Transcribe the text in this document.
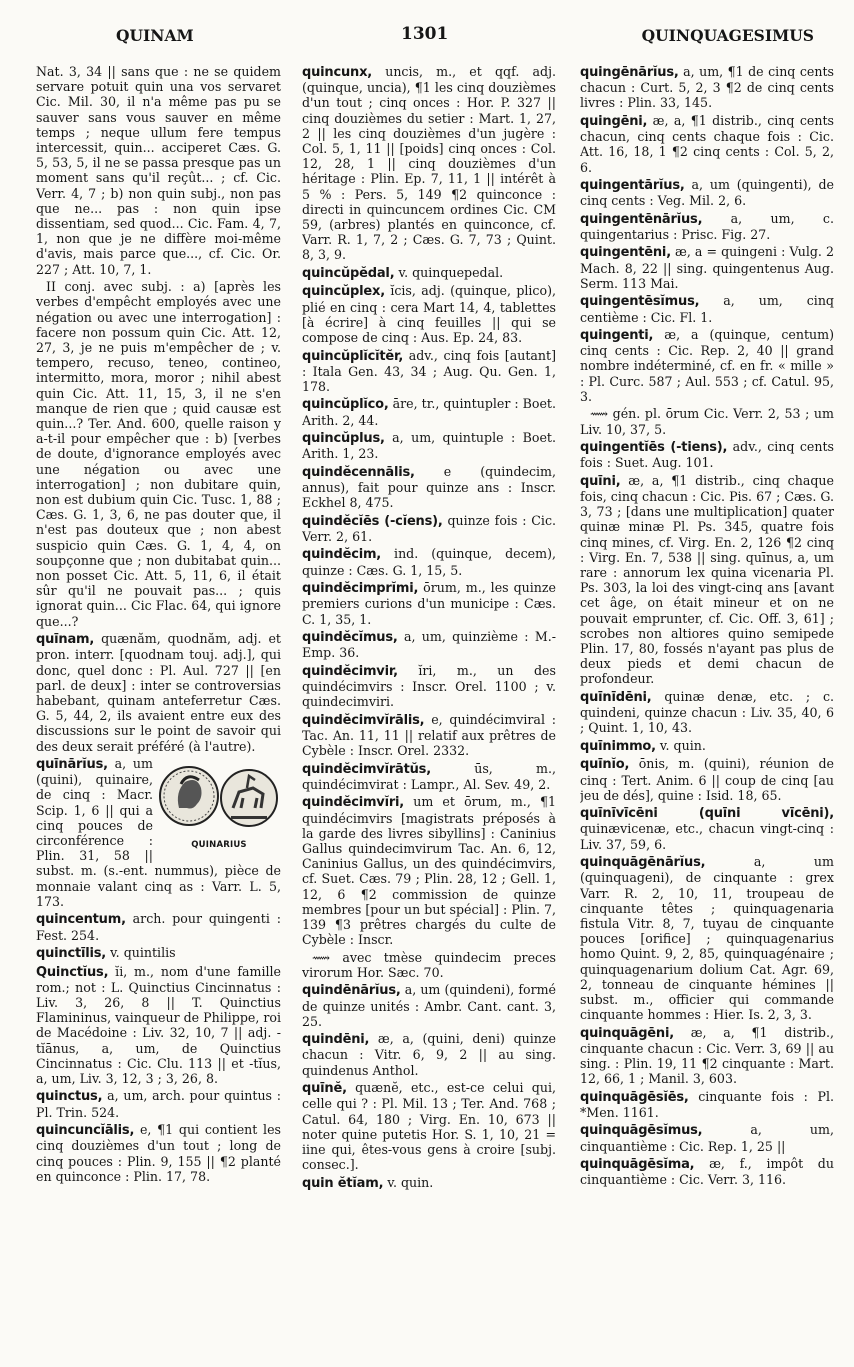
QUINAM	1301	QUINQUAGESIMUS

Nat. 3, 34 || sans que : ne se quidem servare potuit quin una vos servaret Cic. Mil. 30, il n'a même pas pu se sauver sans vous sauver en même temps ; neque ullum fere tempus intercessit, quin... acciperet Cæs. G. 5, 53, 5, il ne se passa presque pas un moment sans qu'il reçût... ; cf. Cic. Verr. 4, 7 ; b) non quin subj., non pas que ne... pas : non quin ipse dissentiam, sed quod... Cic. Fam. 4, 7, 1, non que je ne diffère moi-même d'avis, mais parce que..., cf. Cic. Or. 227 ; Att. 10, 7, 1.

II conj. avec subj. : a) [après les verbes d'empêcht employés avec une négation ou avec une interrogation] : facere non possum quin Cic. Att. 12, 27, 3, je ne puis m'empêcher de ; v. tempero, recuso, teneo, contineo, intermitto, mora, moror ; nihil abest quin Cic. Att. 11, 15, 3, il ne s'en manque de rien que ; quid causæ est quin...? Ter. And. 600, quelle raison y a-t-il pour empêcher que : b) [verbes de doute, d'ignorance employés avec une négation ou avec une interrogation] ; non dubitare quin, non est dubium quin Cic. Tusc. 1, 88 ; Cæs. G. 1, 3, 6, ne pas douter que, il n'est pas douteux que ; non abest suspicio quin Cæs. G. 1, 4, 4, on soupçonne que ; non dubitabat quin... non posset Cic. Att. 5, 11, 6, il était sûr qu'il ne pouvait pas... ; quis ignorat quin... Cic Flac. 64, qui ignore que...?

quīnam, quænăm, quodnăm, adj. et pron. interr. [quodnam touj. adj.], qui donc, quel donc : Pl. Aul. 727 || [en parl. de deux] : inter se controversias habebant, quinam anteferretur Cæs. G. 5, 44, 2, ils avaient entre eux des discussions sur le point de savoir qui des deux serait préféré (à l'autre).

QUINARIUS
quīnārĭus, a, um (quini), quinaire, de cinq : Macr. Scip. 1, 6 || qui a cinq pouces de circonférence : Plin. 31, 58 || subst. m. (s.-ent. nummus), pièce de monnaie valant cinq as : Varr. L. 5, 173.

quincentum, arch. pour quingenti : Fest. 254.

quinctīlis, v. quintilis

Quinctĭus, ĭi, m., nom d'une famille rom.; not : L. Quinctius Cincinnatus : Liv. 3, 26, 8 || T. Quinctius Flamininus, vainqueur de Philippe, roi de Macédoine : Liv. 32, 10, 7 || adj. -tĭānus, a, um, de Quinctius Cincinnatus : Cic. Clu. 113 || et -tĭus, a, um, Liv. 3, 12, 3 ; 3, 26, 8.

quinctus, a, um, arch. pour quintus : Pl. Trin. 524.

quincuncĭālis, e, ¶1 qui contient les cinq douzièmes d'un tout ; long de cinq pouces : Plin. 9, 155 || ¶2 planté en quinconce : Plin. 17, 78.

quincunx, uncis, m., et qqf. adj. (quinque, uncia), ¶1 les cinq douzièmes d'un tout ; cinq onces : Hor. P. 327 || cinq douzièmes du setier : Mart. 1, 27, 2 || les cinq douzièmes d'un jugère : Col. 5, 1, 11 || [poids] cinq onces : Col. 12, 28, 1 || cinq douzièmes d'un héritage : Plin. Ep. 7, 11, 1 || intérêt à 5 % : Pers. 5, 149 ¶2 quinconce : directi in quincuncem ordines Cic. CM 59, (arbres) plantés en quinconce, cf. Varr. R. 1, 7, 2 ; Cæs. G. 7, 73 ; Quint. 8, 3, 9.

quincŭpĕdal, v. quinquepedal.

quincŭplex, ĭcis, adj. (quinque, plico), plié en cinq : cera Mart 14, 4, tablettes [à écrire] à cinq feuilles || qui se compose de cinq : Aus. Ep. 24, 83.

quincŭplĭcĭtĕr, adv., cinq fois [autant] : Itala Gen. 43, 34 ; Aug. Qu. Gen. 1, 178.

quincŭplĭco, āre, tr., quintupler : Boet. Arith. 2, 44.

quincŭplus, a, um, quintuple : Boet. Arith. 1, 23.

quindĕcennālis, e (quindecim, annus), fait pour quinze ans : Inscr. Eckhel 8, 475.

quindĕcĭēs (-cĭens), quinze fois : Cic. Verr. 2, 61.

quindĕcim, ind. (quinque, decem), quinze : Cæs. G. 1, 15, 5.

quindĕcimprĭmi, ōrum, m., les quinze premiers curions d'un municipe : Cæs. C. 1, 35, 1.

quindĕcĭmus, a, um, quinzième : M.-Emp. 36.

quindĕcimvir, ĭri, m., un des quindécimvirs : Inscr. Orel. 1100 ; v. quindecimviri.

quindĕcimvĭrālis, e, quindécimviral : Tac. An. 11, 11 || relatif aux prêtres de Cybèle : Inscr. Orel. 2332.

quindĕcimvĭrātŭs,	ūs, m., quindécimvirat : Lampr., Al. Sev. 49, 2.

quindĕcimvĭri, um et ōrum, m., ¶1 quindécimvirs [magistrats préposés à la garde des livres sibyllins] : Caninius Gallus quindecimvirum Tac. An. 6, 12, Caninius Gallus, un des quindécimvirs, cf. Suet. Cæs. 79 ; Plin. 28, 12 ; Gell. 1, 12, 6 ¶2 commission de quinze membres [pour un but spécial] : Plin. 7, 139 ¶3 prêtres chargés du culte de Cybèle : Inscr.

⟿ avec tmèse quindecim preces virorum Hor. Sæc. 70.

quindēnārĭus, a, um (quindeni), formé de quinze unités : Ambr. Cant. cant. 3, 25.

quindēni, æ, a, (quini, deni) quinze chacun : Vitr. 6, 9, 2 || au sing. quindenus Anthol.

quīnĕ, quænĕ, etc., est-ce celui qui, celle qui ? : Pl. Mil. 13 ; Ter. And. 768 ; Catul. 64, 180 ; Virg. En. 10, 673 || noter quine putetis Hor. S. 1, 10, 21 = iine qui, êtes-vous gens à croire [subj. consec.].

quin ĕtĭam, v. quin.

quingēnārĭus, a, um, ¶1 de cinq cents chacun : Curt. 5, 2, 3 ¶2 de cinq cents livres : Plin. 33, 145.

quingēni, æ, a, ¶1 distrib., cinq cents chacun, cinq cents chaque fois : Cic. Att. 16, 18, 1 ¶2 cinq cents : Col. 5, 2, 6.

quingentārĭus, a, um (quingenti), de cinq cents : Veg. Mil. 2, 6.

quingentēnārĭus, a, um, c. quingentarius : Prisc. Fig. 27.

quingentēni, æ, a = quingeni : Vulg. 2 Mach. 8, 22 || sing. quingentenus Aug. Serm. 113 Mai.

quingentēsĭmus, a, um, cinq centième : Cic. Fl. 1.

quingenti, æ, a (quinque, centum) cinq cents : Cic. Rep. 2, 40 || grand nombre indéterminé, cf. en fr. « mille » : Pl. Curc. 587 ; Aul. 553 ; cf. Catul. 95, 3.

⟿ gén. pl. ōrum Cic. Verr. 2, 53 ; um Liv. 10, 37, 5.

quingentĭēs (-tiens), adv., cinq cents fois : Suet. Aug. 101.

quīni, æ, a, ¶1 distrib., cinq chaque fois, cinq chacun : Cic. Pis. 67 ; Cæs. G. 3, 73 ; [dans une multiplication] quater quinæ minæ Pl. Ps. 345, quatre fois cinq mines, cf. Virg. En. 2, 126 ¶2 cinq : Virg. En. 7, 538 || sing. quīnus, a, um rare : annorum lex quina vicenaria Pl. Ps. 303, la loi des vingt-cinq ans [avant cet âge, on était mineur et on ne pouvait emprunter, cf. Cic. Off. 3, 61] ; scrobes non altiores quino semipede Plin. 17, 80, fossés n'ayant pas plus de deux pieds et demi chacun de profondeur.

quīnīdēni, quinæ denæ, etc. ; c. quindeni, quinze chacun : Liv. 35, 40, 6 ; Quint. 1, 10, 43.

quīnimmo, v. quin.

quīnĭo, ōnis, m. (quini), réunion de cinq : Tert. Anim. 6 || coup de cinq [au jeu de dés], quine : Isid. 18, 65.

quīnīvīcēni (quīni vīcēni), quinævicenæ, etc., chacun vingt-cinq : Liv. 37, 59, 6.

quinquāgēnārĭus,	a, um (quinquageni), de cinquante : grex Varr. R. 2, 10, 11, troupeau de cinquante têtes ; quinquagenaria fistula Vitr. 8, 7, tuyau de cinquante pouces [orifice] ; quinquagenarius homo Quint. 9, 2, 85, quinquagénaire ; quinquagenarium dolium Cat. Agr. 69, 2, tonneau de cinquante hémines || subst. m., officier qui commande cinquante hommes : Hier. Is. 2, 3, 3.

quinquāgēni, æ, a, ¶1 distrib., cinquante chacun : Cic. Verr. 3, 69 || au sing. : Plin. 19, 11 ¶2 cinquante : Mart. 12, 66, 1 ; Manil. 3, 603.

quinquāgēsĭēs, cinquante fois : Pl. *Men. 1161.

quinquāgēsĭmus,	a, um, cinquantième : Cic. Rep. 1, 25 ||

quinquāgēsĭma, æ, f., impôt du cinquantième : Cic. Verr. 3, 116.
